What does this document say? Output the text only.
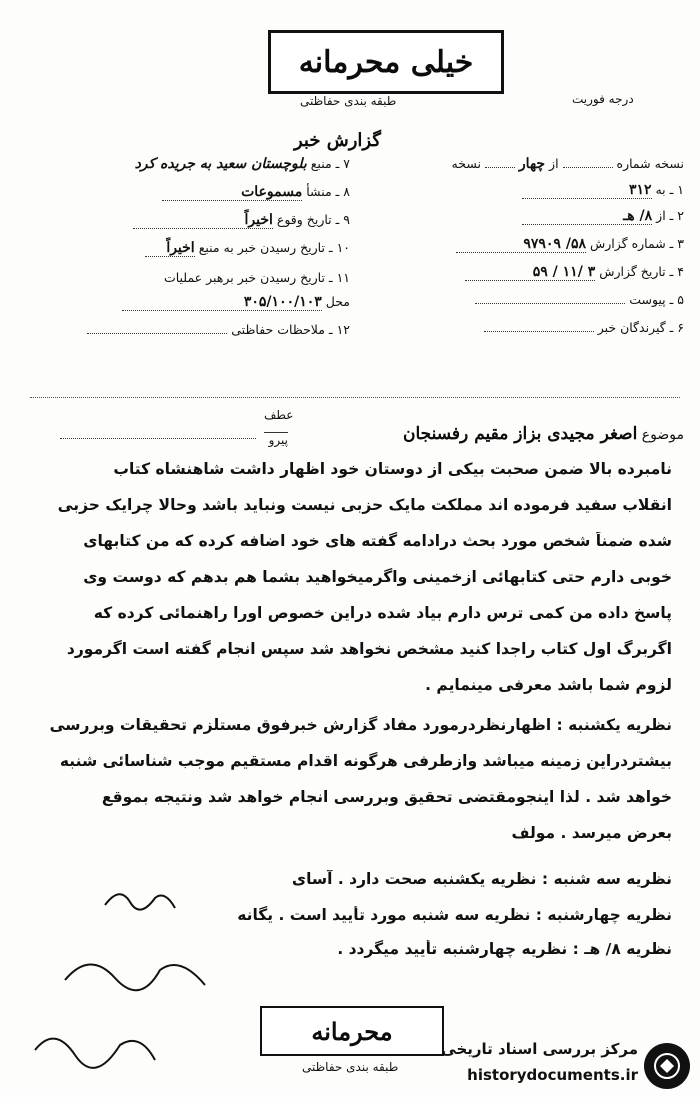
خیلی محرمانه
طبقه بندی حفاظتی	درجه فوریت
گزارش خبر
نسخه شماره  از چهار  نسخه
۱ ـ به ۳۱۲
۲ ـ از ۸/ هـ
۳ ـ شماره گزارش ۵۸/ ۹۷۹۰۹
۴ ـ تاریخ گزارش ۳ /۱۱ / ۵۹
۵ ـ پیوست
۶ ـ گیرندگان خبر
۷ ـ منبع بلوچستان سعید به جریده کرد
۸ ـ منشأ مسموعات
۹ ـ تاریخ وقوع اخیراً
۱۰ ـ تاریخ رسیدن خبر به منبع اخیراً
۱۱ ـ تاریخ رسیدن خبر برهبر عملیات
محل ۳۰۵/۱۰۰/۱۰۳
۱۲ ـ ملاحظات حفاظتی
موضوع اصغر مجیدی بزاز مقیم رفسنجان
عطف
پیرو
نامبرده بالا ضمن صحبت بیکی از دوستان خود اظهار داشت شاهنشاه کتاب
انقلاب سفید فرموده اند مملکت مایک حزبی نیست ونباید باشد وحالا چرایک حزبی
شده ضمناً شخص مورد بحث درادامه گفته های خود اضافه کرده که من کتابهای
خوبی دارم حتی کتابهائی ازخمینی واگرمیخواهید بشما هم بدهم که دوست وی
پاسخ داده من کمی ترس دارم بیاد شده دراین خصوص اورا راهنمائی کرده که
اگربرگ اول کتاب راجدا کنید مشخص نخواهد شد سپس انجام گفته است اگرمورد
لزوم شما باشد معرفی مینمایم .
نظریه یکشنبه : اظهارنظردرمورد مفاد گزارش خبرفوق مستلزم تحقیقات وبررسی
بیشتردراین زمینه میباشد وازطرفی هرگونه اقدام مستقیم موجب شناسائی شنبه
خواهد شد . لذا اینجومقتضی تحقیق وبررسی انجام خواهد شد ونتیجه بموقع
بعرض میرسد . مولف
نظریه سه شنبه : نظریه یکشنبه صحت دارد . آسای
نظریه چهارشنبه : نظریه سه شنبه مورد تأیید است . یگانه
نظریه ۸/ هـ : نظریه چهارشنبه تأیید میگردد .
محرمانه
طبقه بندی حفاظتی
مرکز بررسی اسناد تاریخی
historydocuments.ir
